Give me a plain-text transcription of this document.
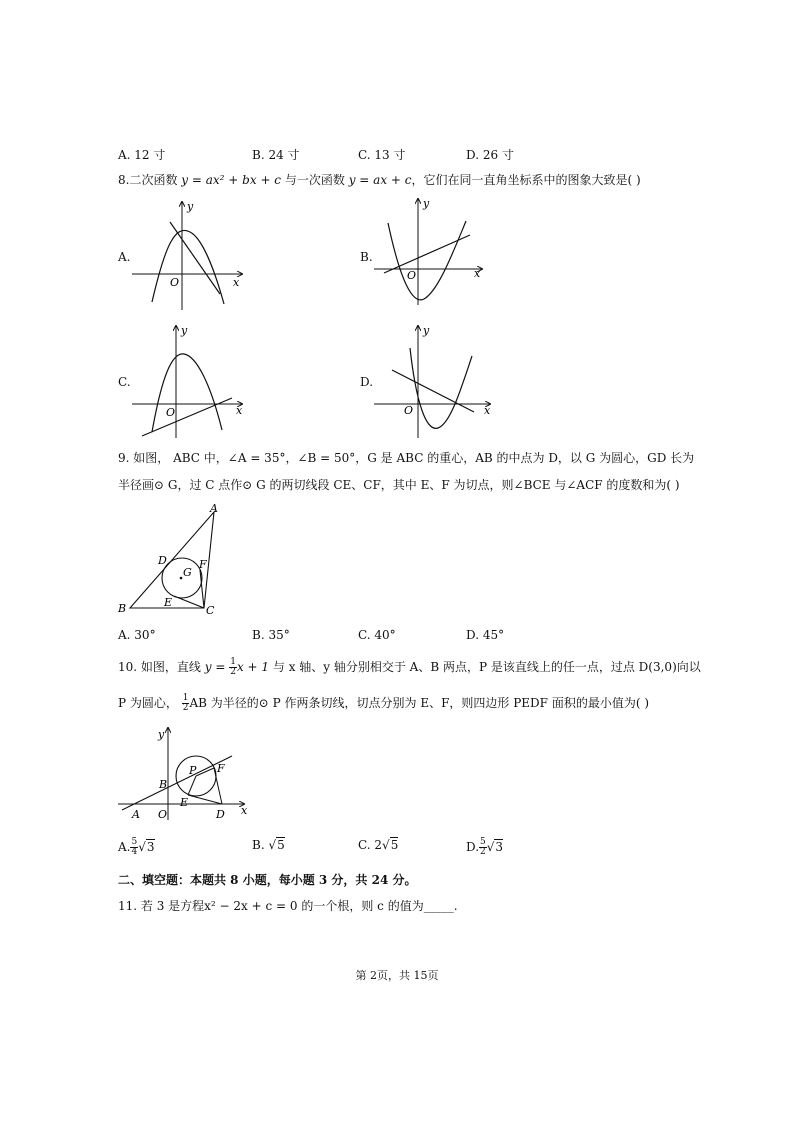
A. 12 寸	B. 24 寸	C. 13 寸	D. 26 寸
8.二次函数 y = ax² + bx + c 与一次函数 y = ax + c，它们在同一直角坐标系中的图象大致是( )
A.	B.
C.	D.
y
x
O
y
x
O
y
x
O
y
x
O
9. 如图， ABC 中，∠A = 35°，∠B = 50°，G 是 ABC 的重心，AB 的中点为 D，以 G 为圆心，GD 长为
半径画⊙ G，过 C 点作⊙ G 的两切线段 CE、CF，其中 E、F 为切点，则∠BCE 与∠ACF 的度数和为( )
A
B	C
D
E
F
G
A. 30°	B. 35°	C. 40°	D. 45°
10. 如图，直线 $y = \frac{1}{2}$ x + 1 与 x 轴、y 轴分别相交于 A、B 两点，P 是该直线上的任一点，过点 D(3,0)向以
P 为圆心， $\frac{1}{2}$ AB 为半径的⊙ P 作两条切线，切点分别为 E、F，则四边形 PEDF 面积的最小值为( )
y
x
O
A
B
P
E
F
D
A. $\frac{5}{4} √3$	B. √5	C. 2√5	D. $\frac{5}{2} √3$
二、填空题：本题共 8 小题，每小题 3 分，共 24 分。
11. 若 3 是方程x² − 2x + c = 0 的一个根，则 c 的值为_____.
第 2页，共 15页
